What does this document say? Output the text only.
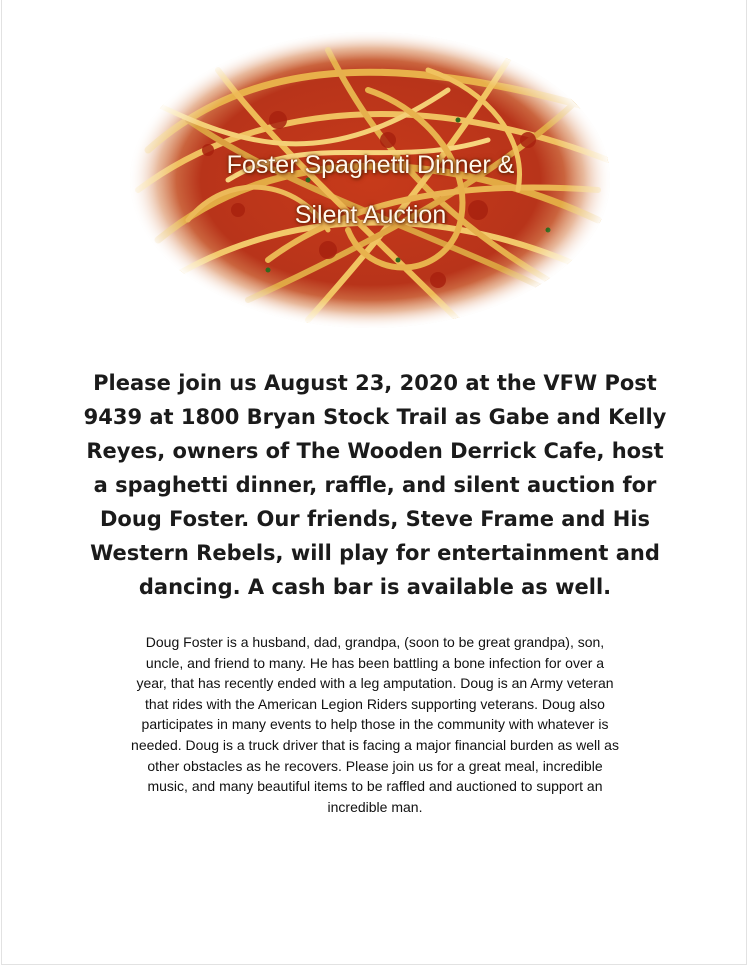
Foster Spaghetti Dinner &
Silent Auction
Please join us August 23, 2020 at the VFW Post
9439 at 1800 Bryan Stock Trail as Gabe and Kelly
Reyes, owners of The Wooden Derrick Cafe, host
a spaghetti dinner, raffle, and silent auction for
Doug Foster. Our friends, Steve Frame and His
Western Rebels, will play for entertainment and
dancing. A cash bar is available as well.
Doug Foster is a husband, dad, grandpa, (soon to be great grandpa), son,
uncle, and friend to many. He has been battling a bone infection for over a
year, that has recently ended with a leg amputation. Doug is an Army veteran
that rides with the American Legion Riders supporting veterans. Doug also
participates in many events to help those in the community with whatever is
needed. Doug is a truck driver that is facing a major financial burden as well as
other obstacles as he recovers. Please join us for a great meal, incredible
music, and many beautiful items to be raffled and auctioned to support an
incredible man.
